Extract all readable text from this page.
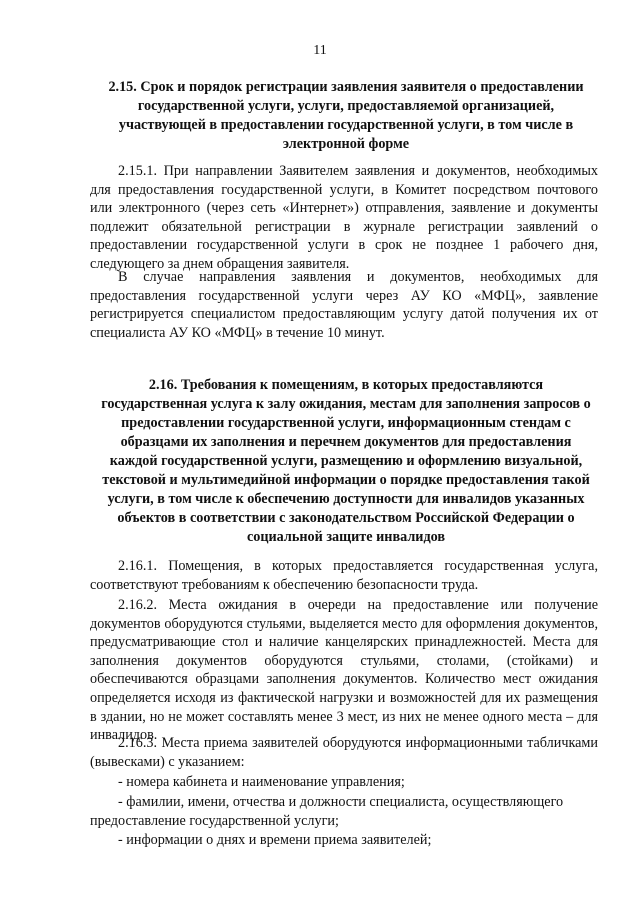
11

2.15. Срок и порядок регистрации заявления заявителя о предоставлении государственной услуги, услуги, предоставляемой организацией, участвующей в предоставлении государственной услуги, в том числе в электронной форме

2.15.1. При направлении Заявителем заявления и документов, необходимых для предоставления государственной услуги, в Комитет посредством почтового или электронного (через сеть «Интернет») отправления, заявление и документы подлежит обязательной регистрации в журнале регистрации заявлений о предоставлении государственной услуги в срок не позднее 1 рабочего дня, следующего за днем обращения заявителя.

В случае направления заявления и документов, необходимых для предоставления государственной услуги через АУ КО «МФЦ», заявление регистрируется специалистом предоставляющим услугу датой получения их от специалиста АУ КО «МФЦ» в течение 10 минут.

2.16. Требования к помещениям, в которых предоставляются государственная услуга к залу ожидания, местам для заполнения запросов о предоставлении государственной услуги, информационным стендам с образцами их заполнения и перечнем документов для предоставления каждой государственной услуги, размещению и оформлению визуальной, текстовой и мультимедийной информации о порядке предоставления такой услуги, в том числе к обеспечению доступности для инвалидов указанных объектов в соответствии с законодательством Российской Федерации о социальной защите инвалидов

2.16.1. Помещения, в которых предоставляется государственная услуга, соответствуют требованиям к обеспечению безопасности труда.

2.16.2. Места ожидания в очереди на предоставление или получение документов оборудуются стульями, выделяется место для оформления документов, предусматривающие стол и наличие канцелярских принадлежностей. Места для заполнения документов оборудуются стульями, столами, (стойками) и обеспечиваются образцами заполнения документов. Количество мест ожидания определяется исходя из фактической нагрузки и возможностей для их размещения в здании, но не может составлять менее 3 мест, из них не менее одного места – для инвалидов.

2.16.3. Места приема заявителей оборудуются информационными табличками (вывесками) с указанием:

- номера кабинета и наименование управления;

- фамилии, имени, отчества и должности специалиста, осуществляющего предоставление государственной услуги;

- информации о днях и времени приема заявителей;
